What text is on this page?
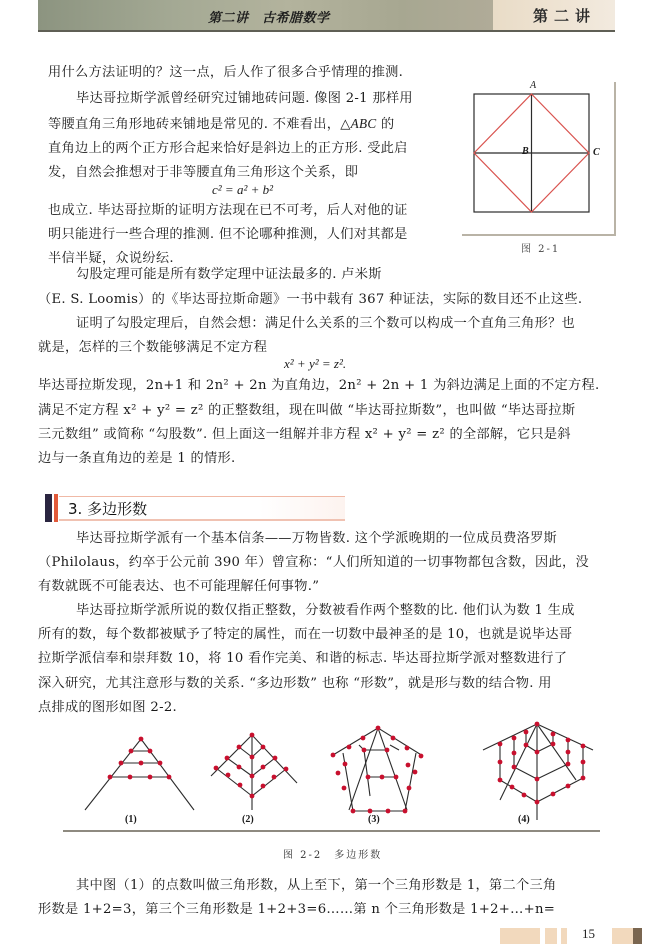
第二讲　古希腊数学	第二讲
用什么方法证明的？这一点，后人作了很多合乎情理的推测.
毕达哥拉斯学派曾经研究过铺地砖问题. 像图 2-1 那样用
等腰直角三角形地砖来铺地是常见的. 不难看出，△ABC 的
直角边上的两个正方形合起来恰好是斜边上的正方形. 受此启
发，自然会推想对于非等腰直角三角形这个关系，即
c² = a² + b²
也成立. 毕达哥拉斯的证明方法现在已不可考，后人对他的证
明只能进行一些合理的推测. 但不论哪种推测，人们对其都是
半信半疑，众说纷纭.
A
B	C
图 2-1
勾股定理可能是所有数学定理中证法最多的. 卢米斯
（E. S. Loomis）的《毕达哥拉斯命题》一书中载有 367 种证法，实际的数目还不止这些.
证明了勾股定理后，自然会想：满足什么关系的三个数可以构成一个直角三角形？也
就是，怎样的三个数能够满足不定方程
x² + y² = z².
毕达哥拉斯发现，2n+1 和 2n² + 2n 为直角边，2n² + 2n + 1 为斜边满足上面的不定方程.
满足不定方程 x² + y² = z² 的正整数组，现在叫做 “毕达哥拉斯数”，也叫做 “毕达哥拉斯
三元数组” 或简称 “勾股数”. 但上面这一组解并非方程 x² + y² = z² 的全部解，它只是斜
边与一条直角边的差是 1 的情形.
3. 多边形数
毕达哥拉斯学派有一个基本信条——万物皆数. 这个学派晚期的一位成员费洛罗斯
（Philolaus，约卒于公元前 390 年）曾宣称：“人们所知道的一切事物都包含数，因此，没
有数就既不可能表达、也不可能理解任何事物.”
毕达哥拉斯学派所说的数仅指正整数，分数被看作两个整数的比. 他们认为数 1 生成
所有的数，每个数都被赋予了特定的属性，而在一切数中最神圣的是 10，也就是说毕达哥
拉斯学派信奉和崇拜数 10，将 10 看作完美、和谐的标志. 毕达哥拉斯学派对整数进行了
深入研究，尤其注意形与数的关系. “多边形数” 也称 “形数”，就是形与数的结合物. 用
点排成的图形如图 2-2.
(1)	(2)	(3)	(4)
图 2-2　多边形数
其中图（1）的点数叫做三角形数，从上至下，第一个三角形数是 1，第二个三角
形数是 1+2=3，第三个三角形数是 1+2+3=6……第 n 个三角形数是 1+2+…+n=
15
